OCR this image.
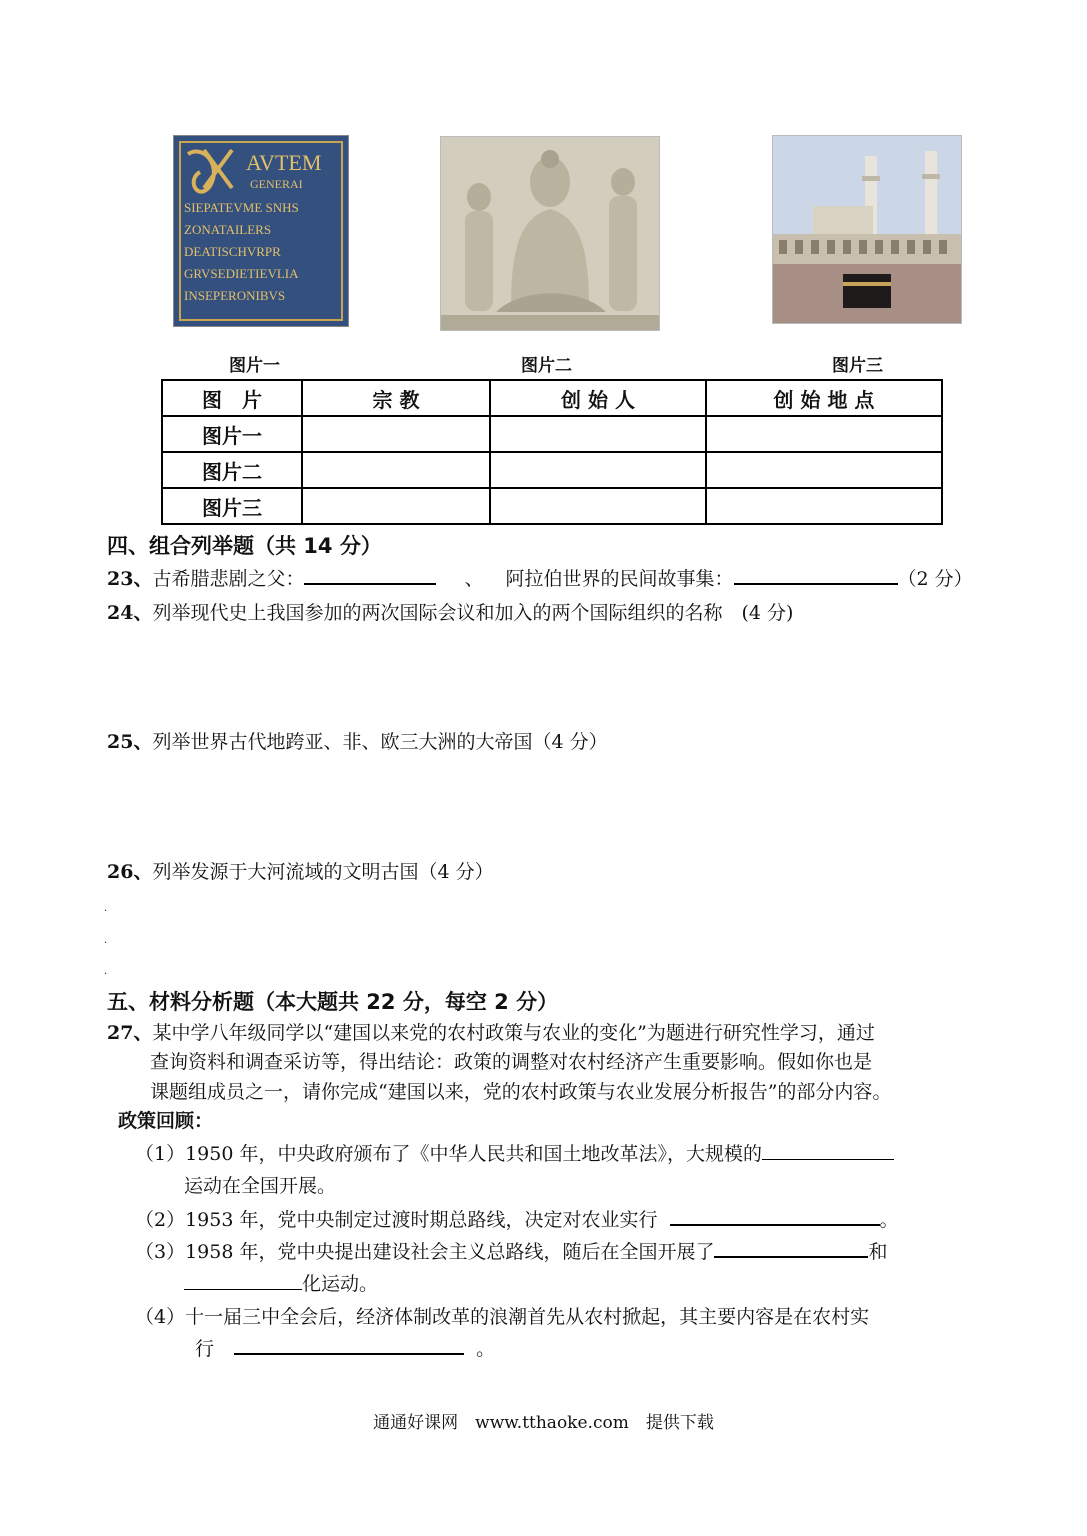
AVTEM
GENERAI
SIEPATEVME SNHS
ZONATAILERS
DEATISCHVRPR
GRVSEDIETIEVLIA
INSEPERONIBVS
图片一	图片二	图片三
图　片	宗 教	创 始 人	创 始 地 点
图片一			
图片二			
图片三			
四、组合列举题（共 14 分）
23、古希腊悲剧之父：	、 阿拉伯世界的民间故事集：	（2 分）
24、列举现代史上我国参加的两次国际会议和加入的两个国际组织的名称　(4 分)
25、列举世界古代地跨亚、非、欧三大洲的大帝国（4 分）
26、列举发源于大河流域的文明古国（4 分）
.
.
.
五、材料分析题（本大题共 22 分，每空 2 分）
27、某中学八年级同学以“建国以来党的农村政策与农业的变化”为题进行研究性学习，通过
查询资料和调查采访等，得出结论：政策的调整对农村经济产生重要影响。假如你也是
课题组成员之一，请你完成“建国以来，党的农村政策与农业发展分析报告”的部分内容。
政策回顾：
（1）1950 年，中央政府颁布了《中华人民共和国土地改革法》，大规模的
运动在全国开展。
（2）1953 年，党中央制定过渡时期总路线，决定对农业实行	。
（3）1958 年，党中央提出建设社会主义总路线，随后在全国开展了	和
化运动。
（4）十一届三中全会后，经济体制改革的浪潮首先从农村掀起，其主要内容是在农村实
行	。
通通好课网　www.tthaoke.com　提供下载
